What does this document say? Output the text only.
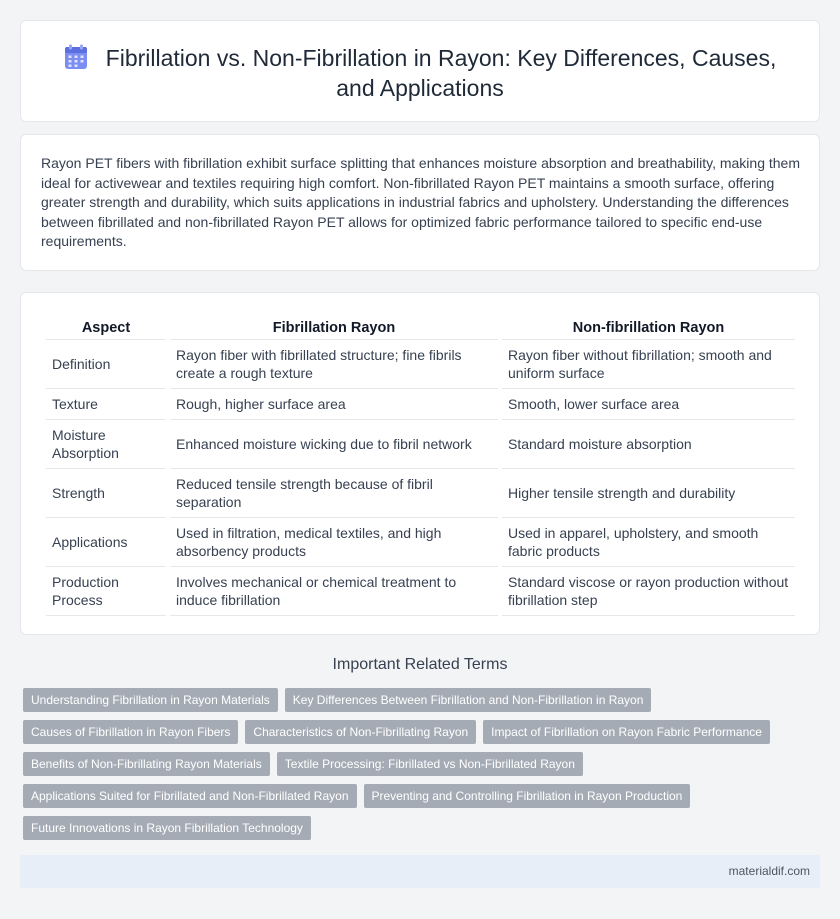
Fibrillation vs. Non-Fibrillation in Rayon: Key Differences, Causes, and Applications

Rayon PET fibers with fibrillation exhibit surface splitting that enhances moisture absorption and breathability, making them ideal for activewear and textiles requiring high comfort. Non-fibrillated Rayon PET maintains a smooth surface, offering greater strength and durability, which suits applications in industrial fabrics and upholstery. Understanding the differences between fibrillated and non-fibrillated Rayon PET allows for optimized fabric performance tailored to specific end-use requirements.

Aspect	Fibrillation Rayon	Non-fibrillation Rayon
Definition	Rayon fiber with fibrillated structure; fine fibrils create a rough texture	Rayon fiber without fibrillation; smooth and uniform surface
Texture	Rough, higher surface area	Smooth, lower surface area
Moisture Absorption	Enhanced moisture wicking due to fibril network	Standard moisture absorption
Strength	Reduced tensile strength because of fibril separation	Higher tensile strength and durability
Applications	Used in filtration, medical textiles, and high absorbency products	Used in apparel, upholstery, and smooth fabric products
Production Process	Involves mechanical or chemical treatment to induce fibrillation	Standard viscose or rayon production without fibrillation step
Important Related Terms
Understanding Fibrillation in Rayon Materials	Key Differences Between Fibrillation and Non-Fibrillation in Rayon
Causes of Fibrillation in Rayon Fibers	Characteristics of Non-Fibrillating Rayon	Impact of Fibrillation on Rayon Fabric Performance
Benefits of Non-Fibrillating Rayon Materials	Textile Processing: Fibrillated vs Non-Fibrillated Rayon
Applications Suited for Fibrillated and Non-Fibrillated Rayon	Preventing and Controlling Fibrillation in Rayon Production
Future Innovations in Rayon Fibrillation Technology
materialdif.com
